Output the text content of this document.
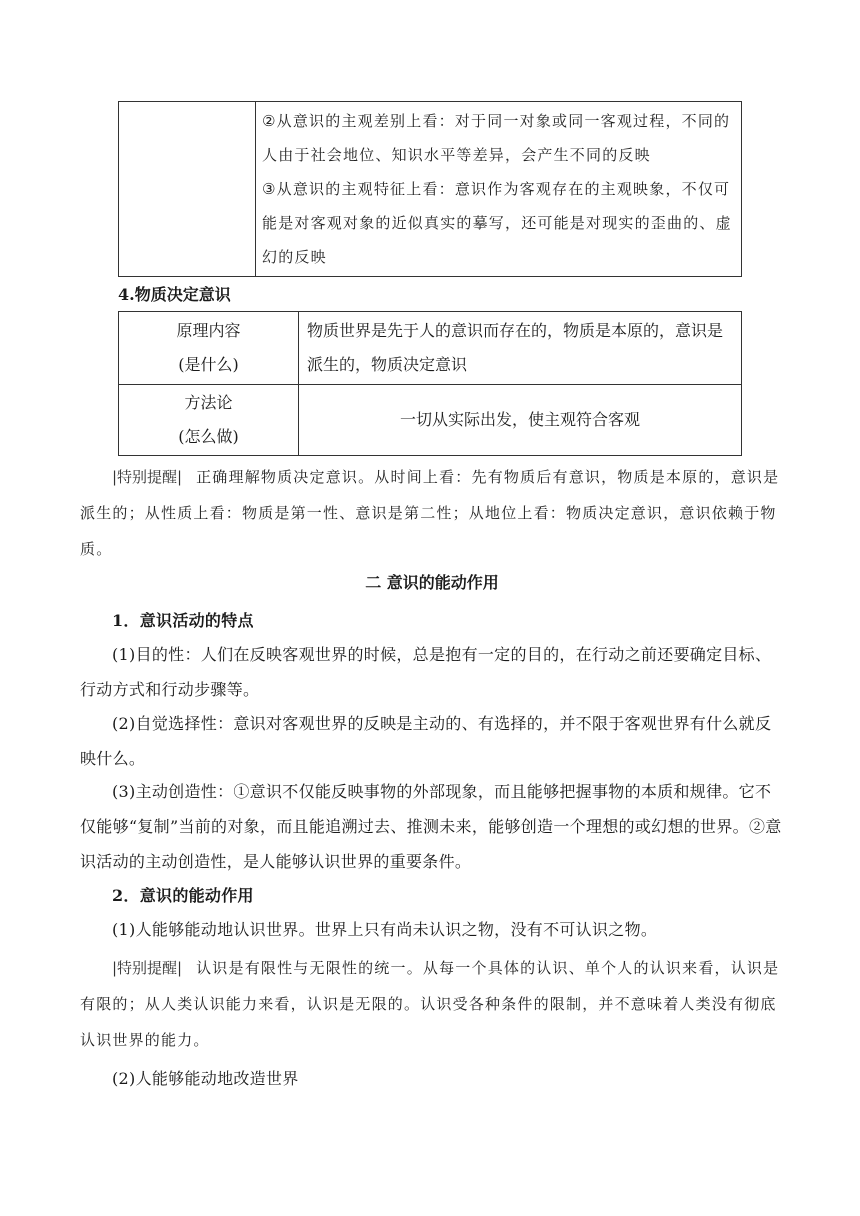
②从意识的主观差别上看：对于同一对象或同一客观过程，不同的人由于社会地位、知识水平等差异，会产生不同的反映
③从意识的主观特征上看：意识作为客观存在的主观映象，不仅可能是对客观对象的近似真实的摹写，还可能是对现实的歪曲的、虚幻的反映
4.物质决定意识
原理内容
(是什么)	物质世界是先于人的意识而存在的，物质是本原的，意识是派生的，物质决定意识

方法论
(怎么做)	一切从实际出发，使主观符合客观
|特别提醒| 正确理解物质决定意识。从时间上看：先有物质后有意识，物质是本原的，意识是派生的；从性质上看：物质是第一性、意识是第二性；从地位上看：物质决定意识，意识依赖于物质。
二 意识的能动作用
1．意识活动的特点
(1)目的性：人们在反映客观世界的时候，总是抱有一定的目的，在行动之前还要确定目标、行动方式和行动步骤等。
(2)自觉选择性：意识对客观世界的反映是主动的、有选择的，并不限于客观世界有什么就反映什么。
(3)主动创造性：①意识不仅能反映事物的外部现象，而且能够把握事物的本质和规律。它不仅能够“复制”当前的对象，而且能追溯过去、推测未来，能够创造一个理想的或幻想的世界。②意识活动的主动创造性，是人能够认识世界的重要条件。
2．意识的能动作用
(1)人能够能动地认识世界。世界上只有尚未认识之物，没有不可认识之物。
|特别提醒| 认识是有限性与无限性的统一。从每一个具体的认识、单个人的认识来看，认识是有限的；从人类认识能力来看，认识是无限的。认识受各种条件的限制，并不意味着人类没有彻底认识世界的能力。
(2)人能够能动地改造世界
